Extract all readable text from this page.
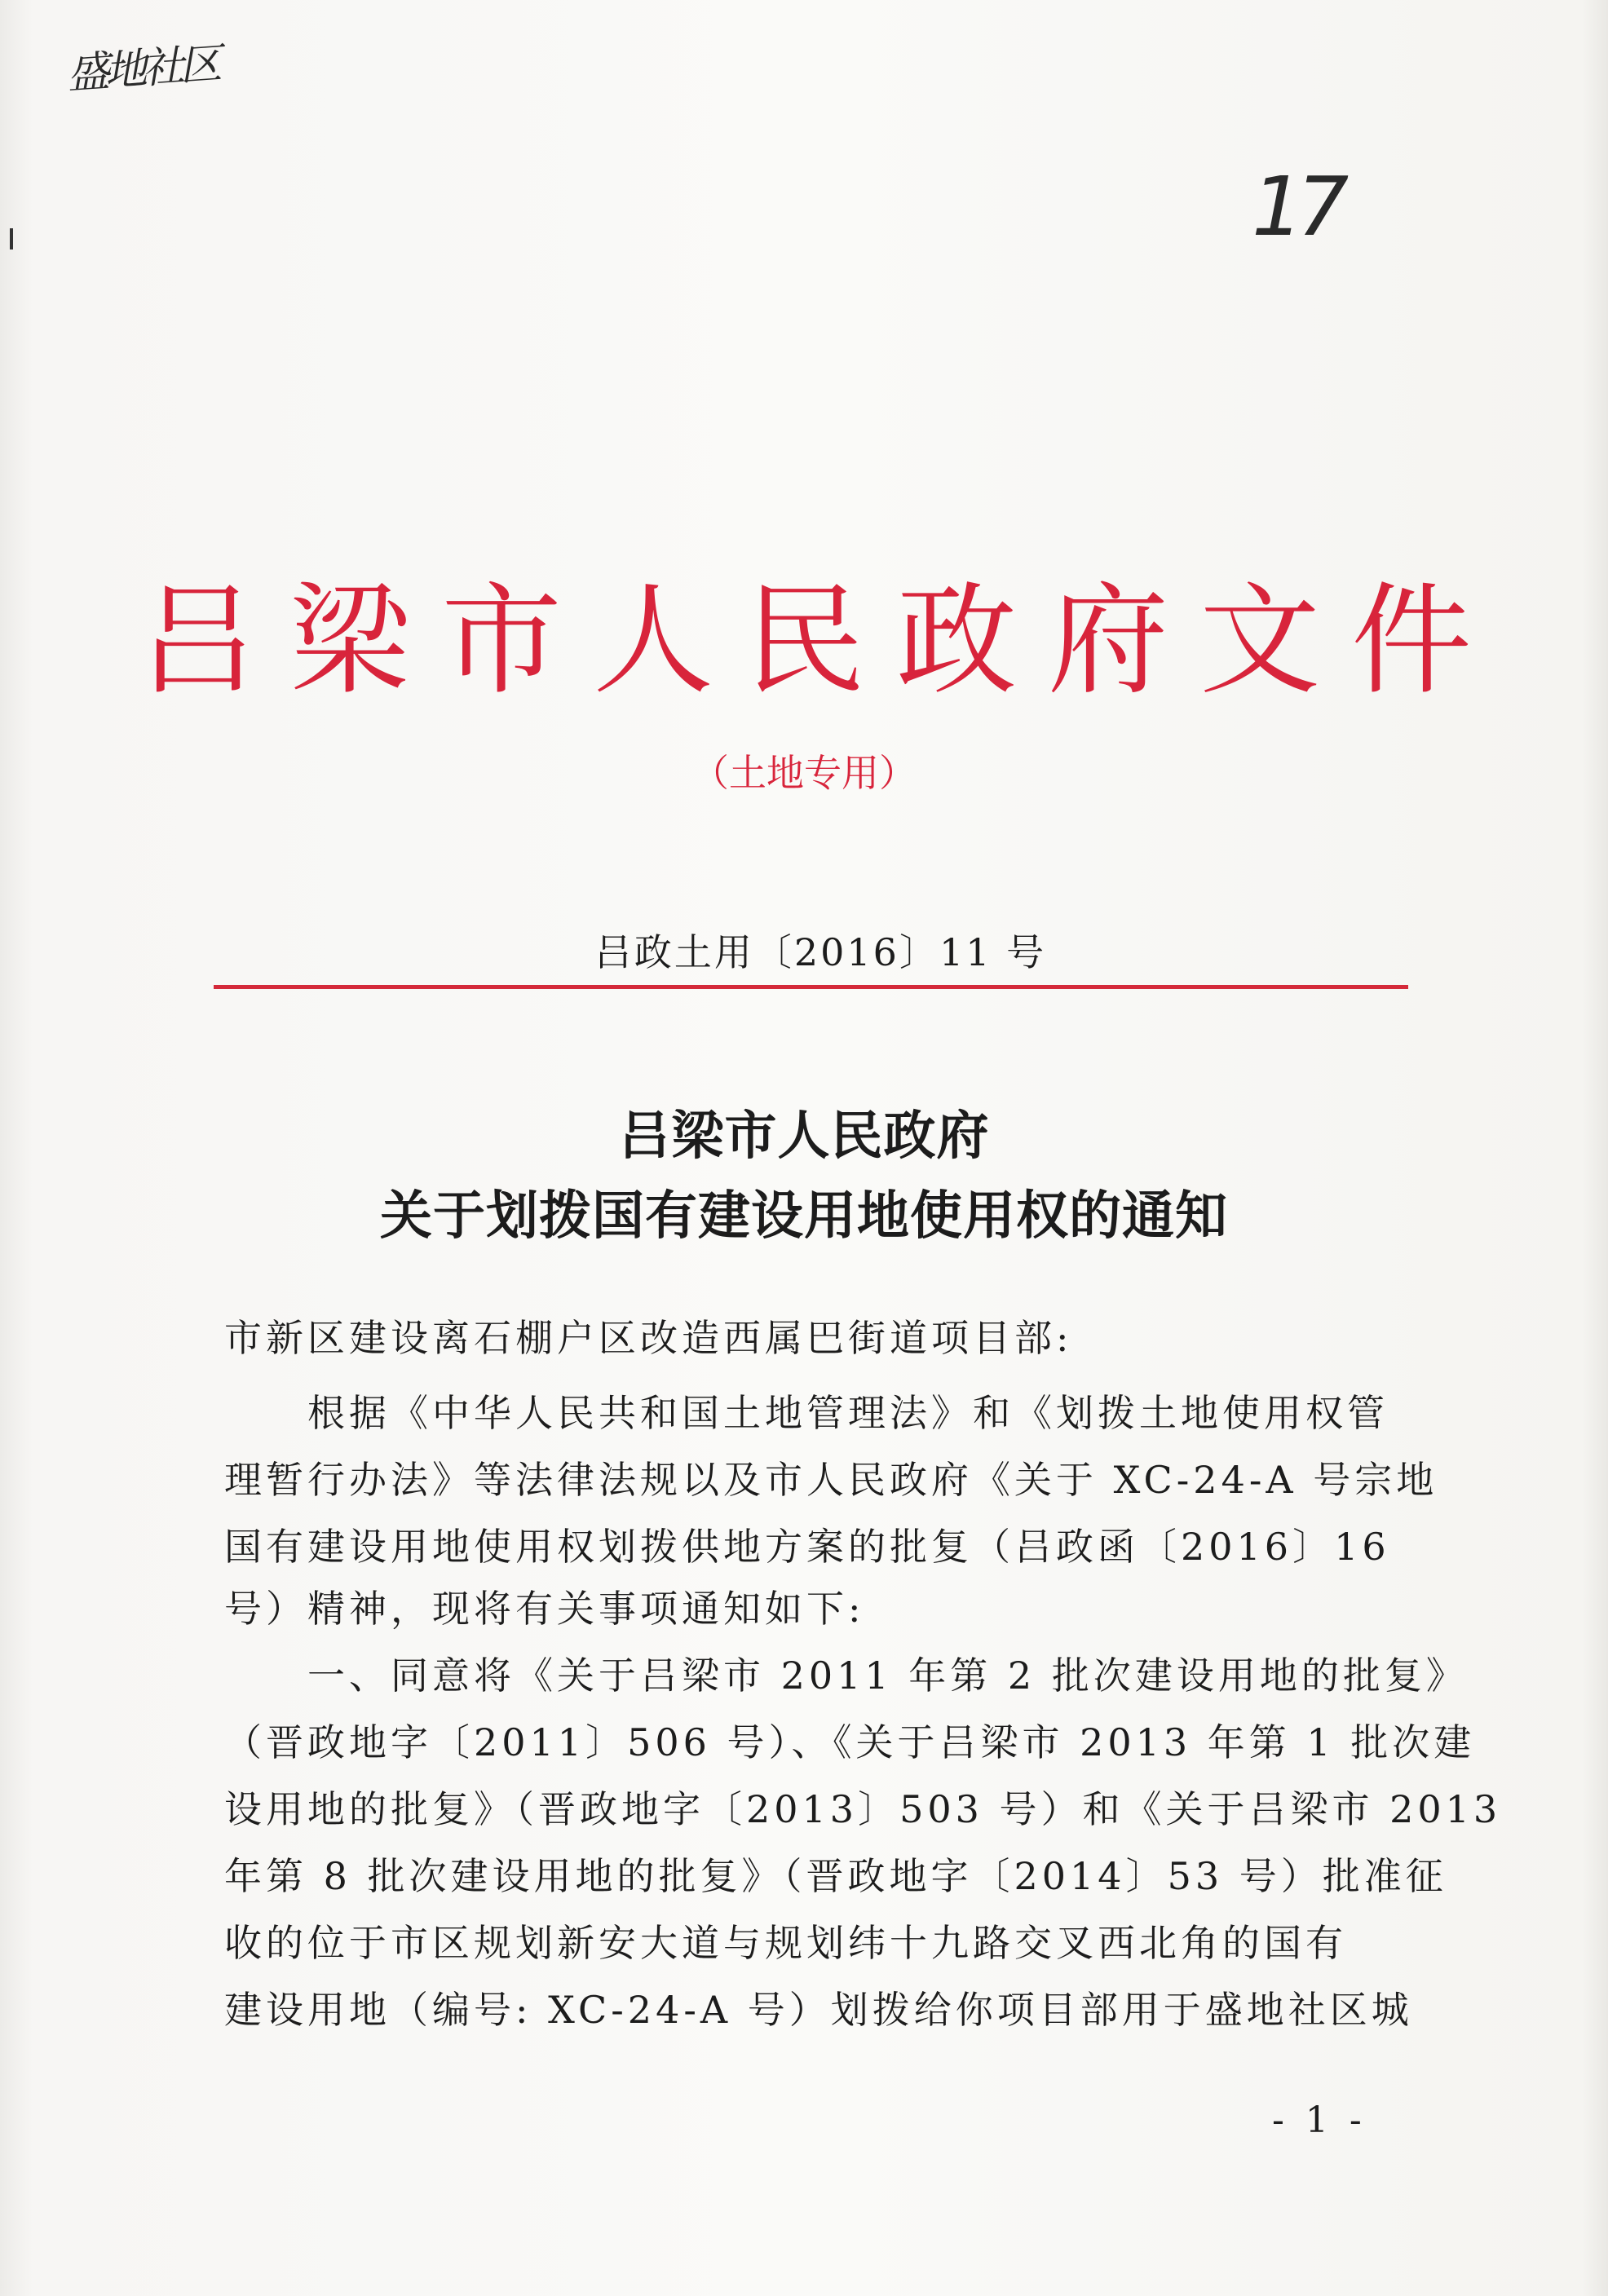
盛地社区
17
吕梁市人民政府文件
（土地专用）
吕政土用〔2016〕11 号
吕梁市人民政府
关于划拨国有建设用地使用权的通知
市新区建设离石棚户区改造西属巴街道项目部:
　　根据《中华人民共和国土地管理法》和《划拨土地使用权管
理暂行办法》等法律法规以及市人民政府《关于 XC-24-A 号宗地
国有建设用地使用权划拨供地方案的批复（吕政函〔2016〕16
号）精神，现将有关事项通知如下:
　　一、同意将《关于吕梁市 2011 年第 2 批次建设用地的批复》
（晋政地字〔2011〕506 号）、《关于吕梁市 2013 年第 1 批次建
设用地的批复》（晋政地字〔2013〕503 号）和《关于吕梁市 2013
年第 8 批次建设用地的批复》（晋政地字〔2014〕53 号）批准征
收的位于市区规划新安大道与规划纬十九路交叉西北角的国有
建设用地（编号: XC-24-A 号）划拨给你项目部用于盛地社区城
- 1 -
